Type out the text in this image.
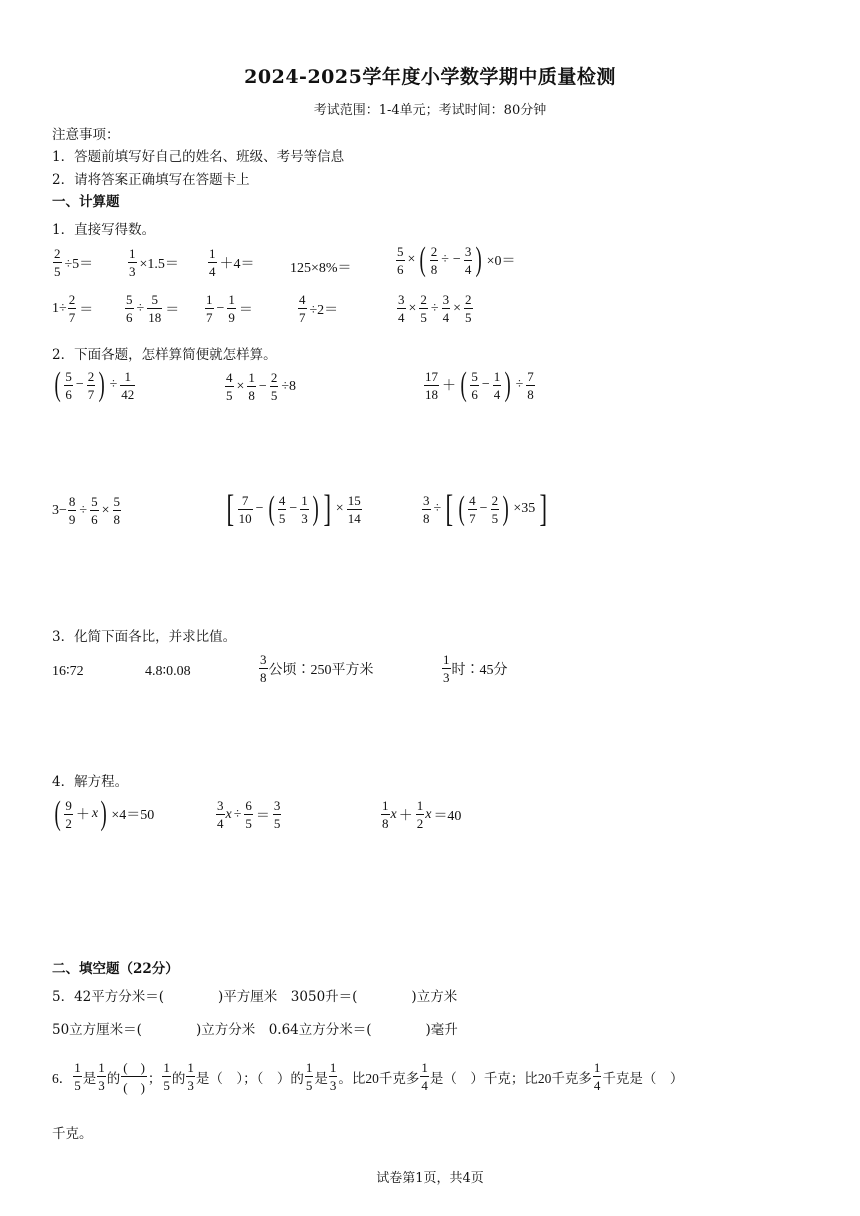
2024-2025学年度小学数学期中质量检测
考试范围：1-4单元；考试时间：80分钟
注意事项：
1．答题前填写好自己的姓名、班级、考号等信息
2．请将答案正确填写在答题卡上
一、计算题
1．直接写得数。
$\frac{2}{5} \div 5=$	$\frac{1}{3} \times 1.5= \frac{1}{4} +4=$	125×8%＝	$\frac{5}{6}$ × ( $\frac{2}{8}$ ÷ − $\frac{3}{4}$ ) ×0＝
$1\div \frac{2}{7} = \frac{5}{6} \div \frac{5}{18} = \frac{1}{7} - \frac{1}{9}$ ＝	$\frac{4}{7} \div 2=$	$\frac{3}{4} \times \frac{2}{5} \div \frac{3}{4} \times \frac{2}{5}$
2．下面各题，怎样算简便就怎样算。
( $\frac{5}{6} - \frac{2}{7}$ ) ÷ $\frac{1}{42}$	$\frac{4}{5} \times \frac{1}{8} - \frac{2}{5} \div 8$	$\frac{17}{18}$ ＋ ( $\frac{5}{6} - \frac{1}{4}$ ) ÷ $\frac{7}{8}$
$3- \frac{8}{9} \div \frac{5}{6} \times \frac{5}{8}$	[ $\frac{7}{10}$ − ( $\frac{4}{5} - \frac{1}{3}$ ) ] × $\frac{15}{14}$	$\frac{3}{8}$ ÷ [ ( $\frac{4}{7} - \frac{2}{5}$ ) ×35 ]
3．化简下面各比，并求比值。
16∶72	4.8∶0.08	$\frac{3}{8}$ 公顷∶250平方米	$\frac{1}{3}$ 时∶45分
4．解方程。
( $\frac{9}{2} + x$ ) ×4＝50	$\frac{3}{4}$ $x \div \frac{6}{5} = \frac{3}{5}$	$\frac{1}{8}$ $x + \frac{1}{2}$ x ＝40
二、填空题（22分）
5．42平方分米＝(　　　　)平方厘米　3050升＝(　　　　)立方米
50立方厘米＝(　　　　)立方分米　0.64立方分米＝(　　　　)毫升
6． $\frac{1}{5}$ 是 $\frac{1}{3}$ 的
(　)
(　)
； $\frac{1}{5}$ 的 $\frac{1}{3}$ 是（　）；（　）的 $\frac{1}{5}$ 是 $\frac{1}{3}$ 。比20千克多 $\frac{1}{4}$ 是（　）千克；比20千克多 $\frac{1}{4}$ 千克是（　）
千克。
试卷第1页，共4页
